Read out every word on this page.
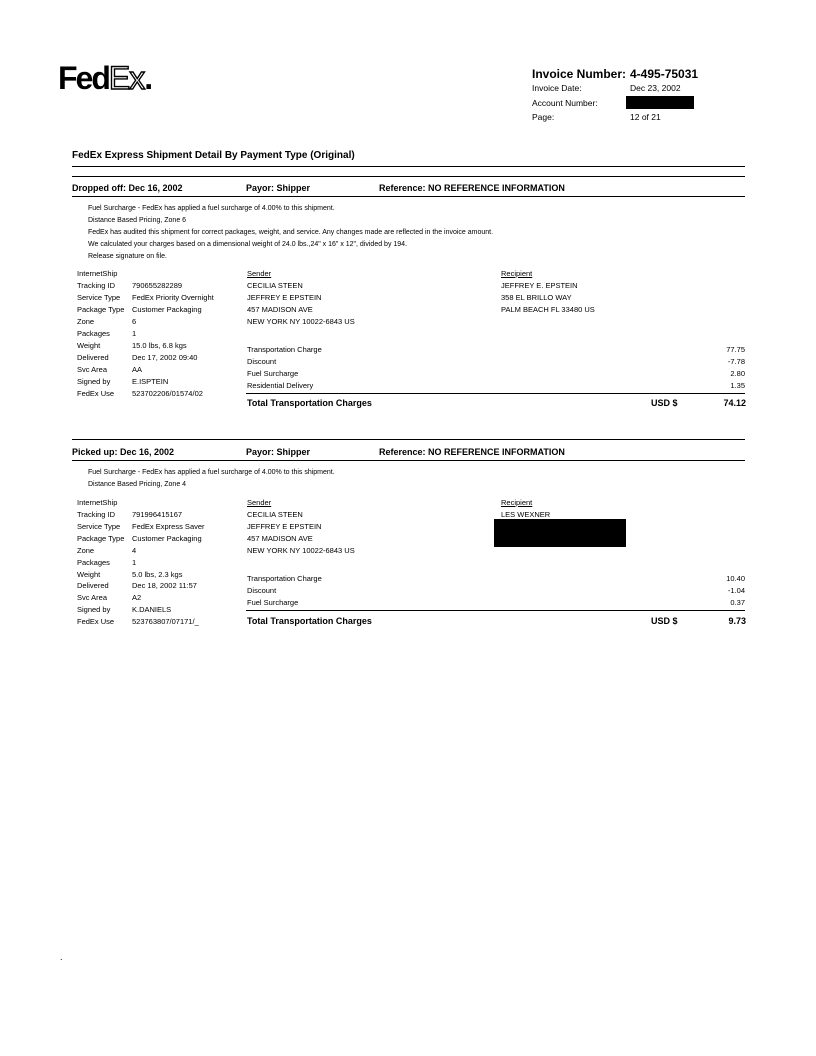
FedEx.	Invoice Number: 4-495-75031
Invoice Date:	Dec 23, 2002
Account Number:
Page:	12 of 21
FedEx Express Shipment Detail By Payment Type (Original)
Dropped off: Dec 16, 2002	Payor: Shipper	Reference: NO REFERENCE INFORMATION
Fuel Surcharge - FedEx has applied a fuel surcharge of 4.00% to this shipment.
Distance Based Pricing, Zone 6
FedEx has audited this shipment for correct packages, weight, and service. Any changes made are reflected in the invoice amount.
We calculated your charges based on a dimensional weight of 24.0 lbs.,24" x 16" x 12", divided by 194.
Release signature on file.
InternetShip
Tracking ID 790655282289
Service Type FedEx Priority Overnight
Package Type Customer Packaging
Zone	6
Packages	1
Weight	15.0 lbs, 6.8 kgs
Delivered	Dec 17, 2002 09:40
Svc Area	AA
Signed by	E.ISPTEIN
FedEx Use 523702206/01574/02
Sender
CECILIA STEEN
JEFFREY E EPSTEIN
457 MADISON AVE
NEW YORK NY 10022-6843 US
Recipient
JEFFREY E. EPSTEIN
358 EL BRILLO WAY
PALM BEACH FL 33480 US
Transportation Charge	77.75
Discount	-7.78
Fuel Surcharge	2.80
Residential Delivery	1.35
Total Transportation Charges	USD $	74.12
Picked up: Dec 16, 2002	Payor: Shipper	Reference: NO REFERENCE INFORMATION
Fuel Surcharge - FedEx has applied a fuel surcharge of 4.00% to this shipment.
Distance Based Pricing, Zone 4
InternetShip
Tracking ID 791996415167
Service Type FedEx Express Saver
Package Type Customer Packaging
Zone	4
Packages	1
Weight	5.0 lbs, 2.3 kgs
Delivered	Dec 18, 2002 11:57
Svc Area	A2
Signed by	K.DANIELS
FedEx Use 523763807/07171/_
Sender
CECILIA STEEN
JEFFREY E EPSTEIN
457 MADISON AVE
NEW YORK NY 10022-6843 US
Recipient
LES WEXNER
Transportation Charge	10.40
Discount	-1.04
Fuel Surcharge	0.37
Total Transportation Charges	USD $	9.73
.
